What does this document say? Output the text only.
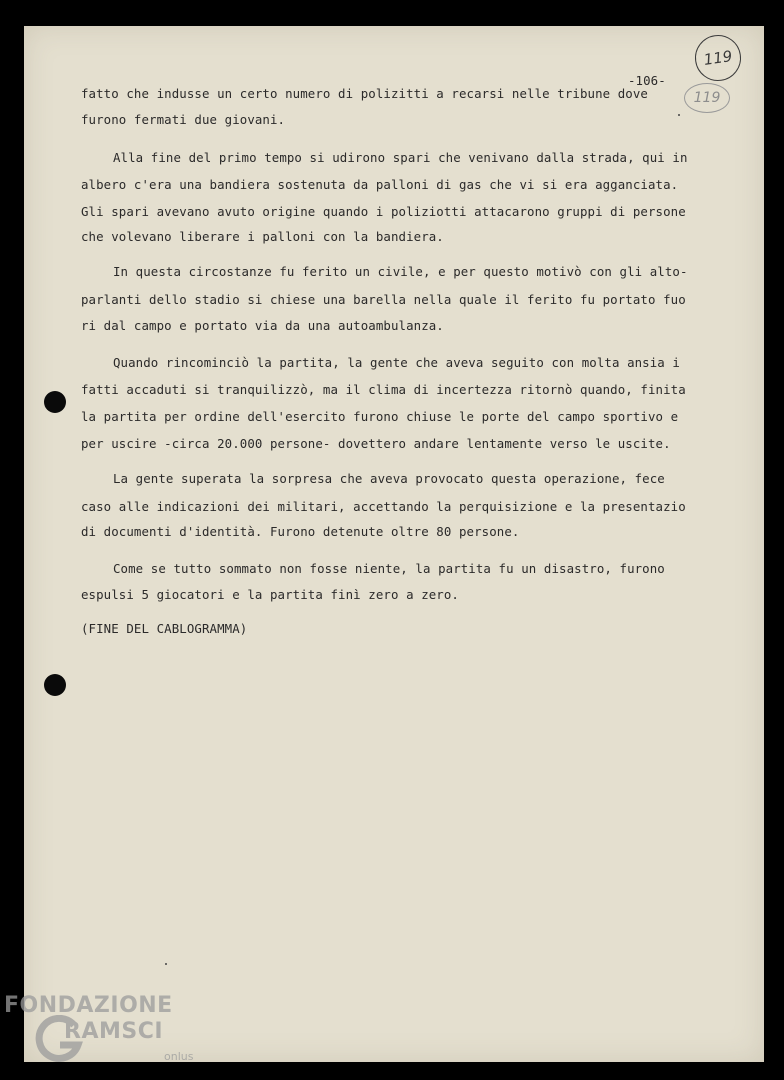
119
119
-106-
fatto che indusse un certo numero di polizitti a recarsi nelle tribune dove
furono fermati due giovani.
Alla fine del primo tempo si udirono spari che venivano dalla strada, qui in
albero c'era una bandiera sostenuta da palloni di gas che vi si era agganciata.
Gli spari avevano avuto origine quando i poliziotti attacarono gruppi di persone
che volevano liberare i palloni con la bandiera.
In questa circostanze fu ferito un civile, e per questo motivò con gli alto-
parlanti dello stadio si chiese una barella nella quale il ferito fu portato fuo
ri dal campo e portato via da una autoambulanza.
Quando rincominciò la partita, la gente che aveva seguito con molta ansia i
fatti accaduti si tranquilizzò, ma il clima di incertezza ritornò quando, finita
la partita per ordine dell'esercito furono chiuse le porte del campo sportivo e
per uscire -circa 20.000 persone- dovettero andare lentamente verso le uscite.
La gente superata la sorpresa che aveva provocato questa operazione, fece
caso alle indicazioni dei militari, accettando la perquisizione e la presentazio
di documenti d'identità. Furono detenute oltre 80 persone.
Come se tutto sommato non fosse niente, la partita fu un disastro, furono
espulsi 5 giocatori e la partita finì zero a zero.
(FINE DEL CABLOGRAMMA)
FONDAZIONE
RAMSCI
onlus
